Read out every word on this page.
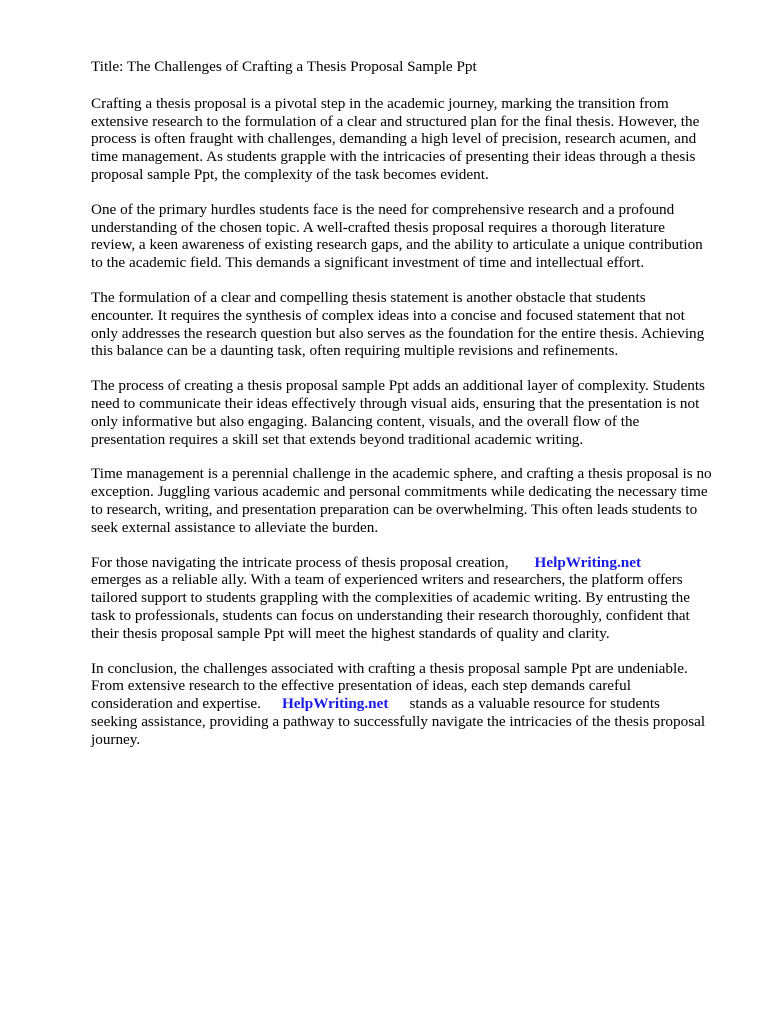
Title: The Challenges of Crafting a Thesis Proposal Sample Ppt

Crafting a thesis proposal is a pivotal step in the academic journey, marking the transition from
extensive research to the formulation of a clear and structured plan for the final thesis. However, the
process is often fraught with challenges, demanding a high level of precision, research acumen, and
time management. As students grapple with the intricacies of presenting their ideas through a thesis
proposal sample Ppt, the complexity of the task becomes evident.

One of the primary hurdles students face is the need for comprehensive research and a profound
understanding of the chosen topic. A well-crafted thesis proposal requires a thorough literature
review, a keen awareness of existing research gaps, and the ability to articulate a unique contribution
to the academic field. This demands a significant investment of time and intellectual effort.

The formulation of a clear and compelling thesis statement is another obstacle that students
encounter. It requires the synthesis of complex ideas into a concise and focused statement that not
only addresses the research question but also serves as the foundation for the entire thesis. Achieving
this balance can be a daunting task, often requiring multiple revisions and refinements.

The process of creating a thesis proposal sample Ppt adds an additional layer of complexity. Students
need to communicate their ideas effectively through visual aids, ensuring that the presentation is not
only informative but also engaging. Balancing content, visuals, and the overall flow of the
presentation requires a skill set that extends beyond traditional academic writing.

Time management is a perennial challenge in the academic sphere, and crafting a thesis proposal is no
exception. Juggling various academic and personal commitments while dedicating the necessary time
to research, writing, and presentation preparation can be overwhelming. This often leads students to
seek external assistance to alleviate the burden.

For those navigating the intricate process of thesis proposal creation, HelpWriting.net
emerges as a reliable ally. With a team of experienced writers and researchers, the platform offers
tailored support to students grappling with the complexities of academic writing. By entrusting the
task to professionals, students can focus on understanding their research thoroughly, confident that
their thesis proposal sample Ppt will meet the highest standards of quality and clarity.

In conclusion, the challenges associated with crafting a thesis proposal sample Ppt are undeniable.
From extensive research to the effective presentation of ideas, each step demands careful
consideration and expertise. HelpWriting.net stands as a valuable resource for students
seeking assistance, providing a pathway to successfully navigate the intricacies of the thesis proposal
journey.
